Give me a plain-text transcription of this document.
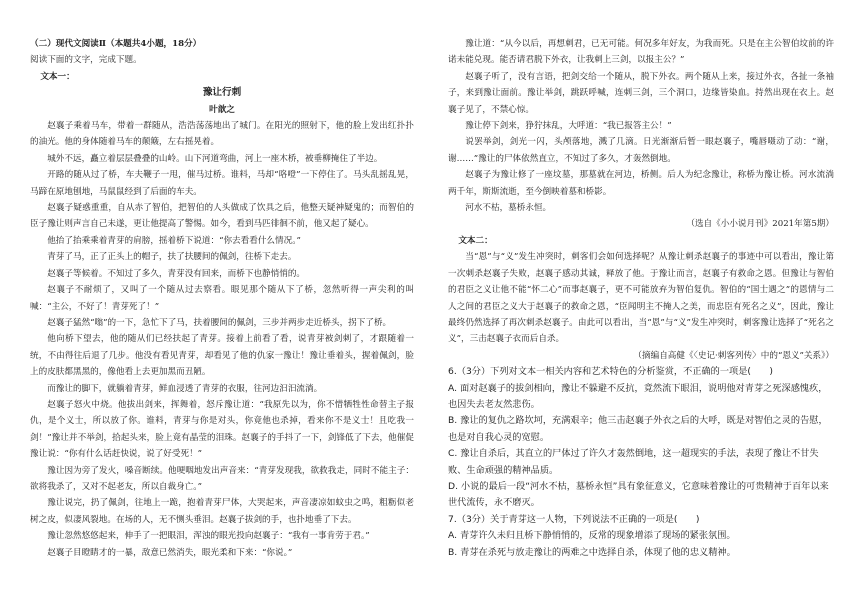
（二）现代文阅读Ⅱ（本题共4小题，18分）

阅读下面的文字，完成下题。

文本一：

豫让行刺

叶歆之

赵襄子乘着马车，带着一群随从，浩浩荡荡地出了城门。在阳光的照射下，他的脸上发出红扑扑的油光。他的身体随着马车的颠簸，左右摇晃着。

城外不远，矗立着层层叠叠的山岭。山下河道弯曲，河上一座木桥，被垂柳掩住了半边。

开路的随从过了桥，车夫鞭子一甩，催马过桥。谁料，马却“咯噔”一下停住了。马头乱摇乱晃，马蹄在原地刨地，马鼠鼠经到了后面的车夫。

赵襄子疑惑重重，自从赤了智伯，把智伯的人头做成了饮具之后，他整天疑神疑鬼的；而智伯的臣子豫让则声言自己未遂，更让他提高了警惕。如今，看到马匹徘徊不前，他又起了疑心。

他抬了抬乘乘着青芽的肩膀，摇着桥下说道：“你去看看什么情况。”

青芽了马，正了正头上的帽子，扶了扶腰间的佩剑，往桥下走去。

赵襄子等候着。不知过了多久，青芽没有回来，而桥下也静悄悄的。

赵襄子不耐烦了，又叫了一个随从过去察看。眼见那个随从下了桥，忽然听得一声尖利的叫喊：“主公，不好了！青芽死了！”

赵襄子猛然“嗡”的一下，急忙下了马，扶着腰间的佩剑，三步并两步走近桥头，拐下了桥。

他向桥下望去，他的随从们已经扶起了青芽。接着上前看了看，说青芽被剑刺了，才跟随着一统，不由得往后退了几步。他没有看见青芽，却看见了他的仇家一豫让！豫让垂着头，握着佩剑，脸上的皮肤都黑黑的，像他看上去更加黑而丑陋。

而豫让的脚下，就躺着青芽，鲜血浸透了青芽的衣服，往河边汩汩流淌。

赵襄子怒火中烧。他拔出剑来，挥舞着，怒斥豫让道：“我原先以为，你不惜牺牲性命替主子报仇，是个义士，所以放了你。谁料，青芽与你是对头，你竟他也杀掉，看来你不是义士！且吃我一剑！”豫让并不举剑，拾起头来，脸上竟有晶莹的泪珠。赵襄子的手抖了一下，剑锋低了下去，他催促豫让说：“你有什么话赶快说，说了好受死！”

豫让因为旁了发火，嗓音断续。他哽咽地发出声音来：“青芽发现我，欲救我走，同时不能主子：欲将我杀了，又对不起老友，所以自裁身亡。”

豫让说完，扔了佩剑，往地上一跪，抱着青芽尸体，大哭起来，声音凄凉如蚊虫之鸣，粗粝似老树之皮，似凄风裂地。在场的人，无不恻头垂泪。赵襄子拔剑的手，也扑地垂了下去。

豫让忽然悠悠起来，伸手了一把眼泪，浑浊的眼光投向赵襄子：“我有一事肯劳于君。”

赵襄子目瞪睛才的一暴，敌意已然消失，眼光柔和下来：“你说。”

豫让道：“从今以后，再想刺君，已无可能。何况多年好友，为我而死。只是在主公智伯坟前的许诺未能兑现。能否请君脱下外衣，让我刺上三剑，以报主公？”

赵襄子听了，没有言语，把剑交给一个随从，脱下外衣。两个随从上来，接过外衣，各扯一条袖子，来到豫让面前。豫让举剑，跳跃呼喊，连刺三剑，三个洞口，边缘皆染血。持然出现在衣上。赵襄子见了，不禁心惊。

豫让停下剑来，狰狞抹乱，大呼道：“我已报答主公！”

说罢举剑，剑光一闪，头颅落地，溅了几滴。日光渐渐后暂一眼赵襄子，嘴唇嗫动了动：“谢，谢……”豫让的尸体依然直立，不知过了多久，才轰然倒地。

赵襄子为豫让修了一座坟墓，那墓就在河边，桥侧。后人为纪念豫让，称桥为豫让桥。河水流淌两千年，斯斯流逝，至今倒映着墓和桥影。

河水不枯，墓桥永恒。

（选自《小小说月刊》2021年第5期）

文本二：

当“恩”与“义”发生冲突时，刺客们会如何选择呢？从豫让刺杀赵襄子的事迹中可以看出，豫让第一次刺杀赵襄子失败，赵襄子感动其诚，释放了他。于豫让而言，赵襄子有救命之恩。但豫让与智伯的君臣之义让他不能“怀二心”而事赵襄子，更不可能放弃为智伯复仇。智伯的“国士遇之”的恩情与二人之间的君臣之义大于赵襄子的救命之恩，“臣闻明主不掩人之美，而忠臣有死名之义”，因此，豫让最终仍然选择了再次刺杀赵襄子。由此可以看出，当“恩”与“义”发生冲突时，刺客豫让选择了“死名之义”，三击赵襄子衣而后自杀。

（摘编自高健《〈史记·刺客列传〉中的“恩义”关系》）

6.（3分）下列对文本一相关内容和艺术特色的分析鉴赏，不正确的一项是(　　)

A. 面对赵襄子的拔剑相向，豫让不躲避不反抗，竟然流下眼泪，说明他对青芽之死深感愧疚，也因失去老友然悲伤。

B. 豫让的复仇之路坎坷，充满艰辛；他三击赵襄子外衣之后的大呼，既是对智伯之灵的告慰，也是对自我心灵的宽慰。

C. 豫让自杀后，其直立的尸体过了许久才轰然倒地，这一超现实的手法，表现了豫让不甘失败、生命顽强的精神品质。

D. 小说的最后一段“河水不枯，墓桥永恒”具有象征意义，它意味着豫让的可贵精神于百年以来世代流传，永不磨灭。

7.（3分）关于青芽这一人物，下列说法不正确的一项是(　　)

A. 青芽许久未归且桥下静悄悄的，反常的现象增添了现场的紧张氛围。

B. 青芽在杀死与放走豫让的两难之中选择自杀，体现了他的忠义精神。
